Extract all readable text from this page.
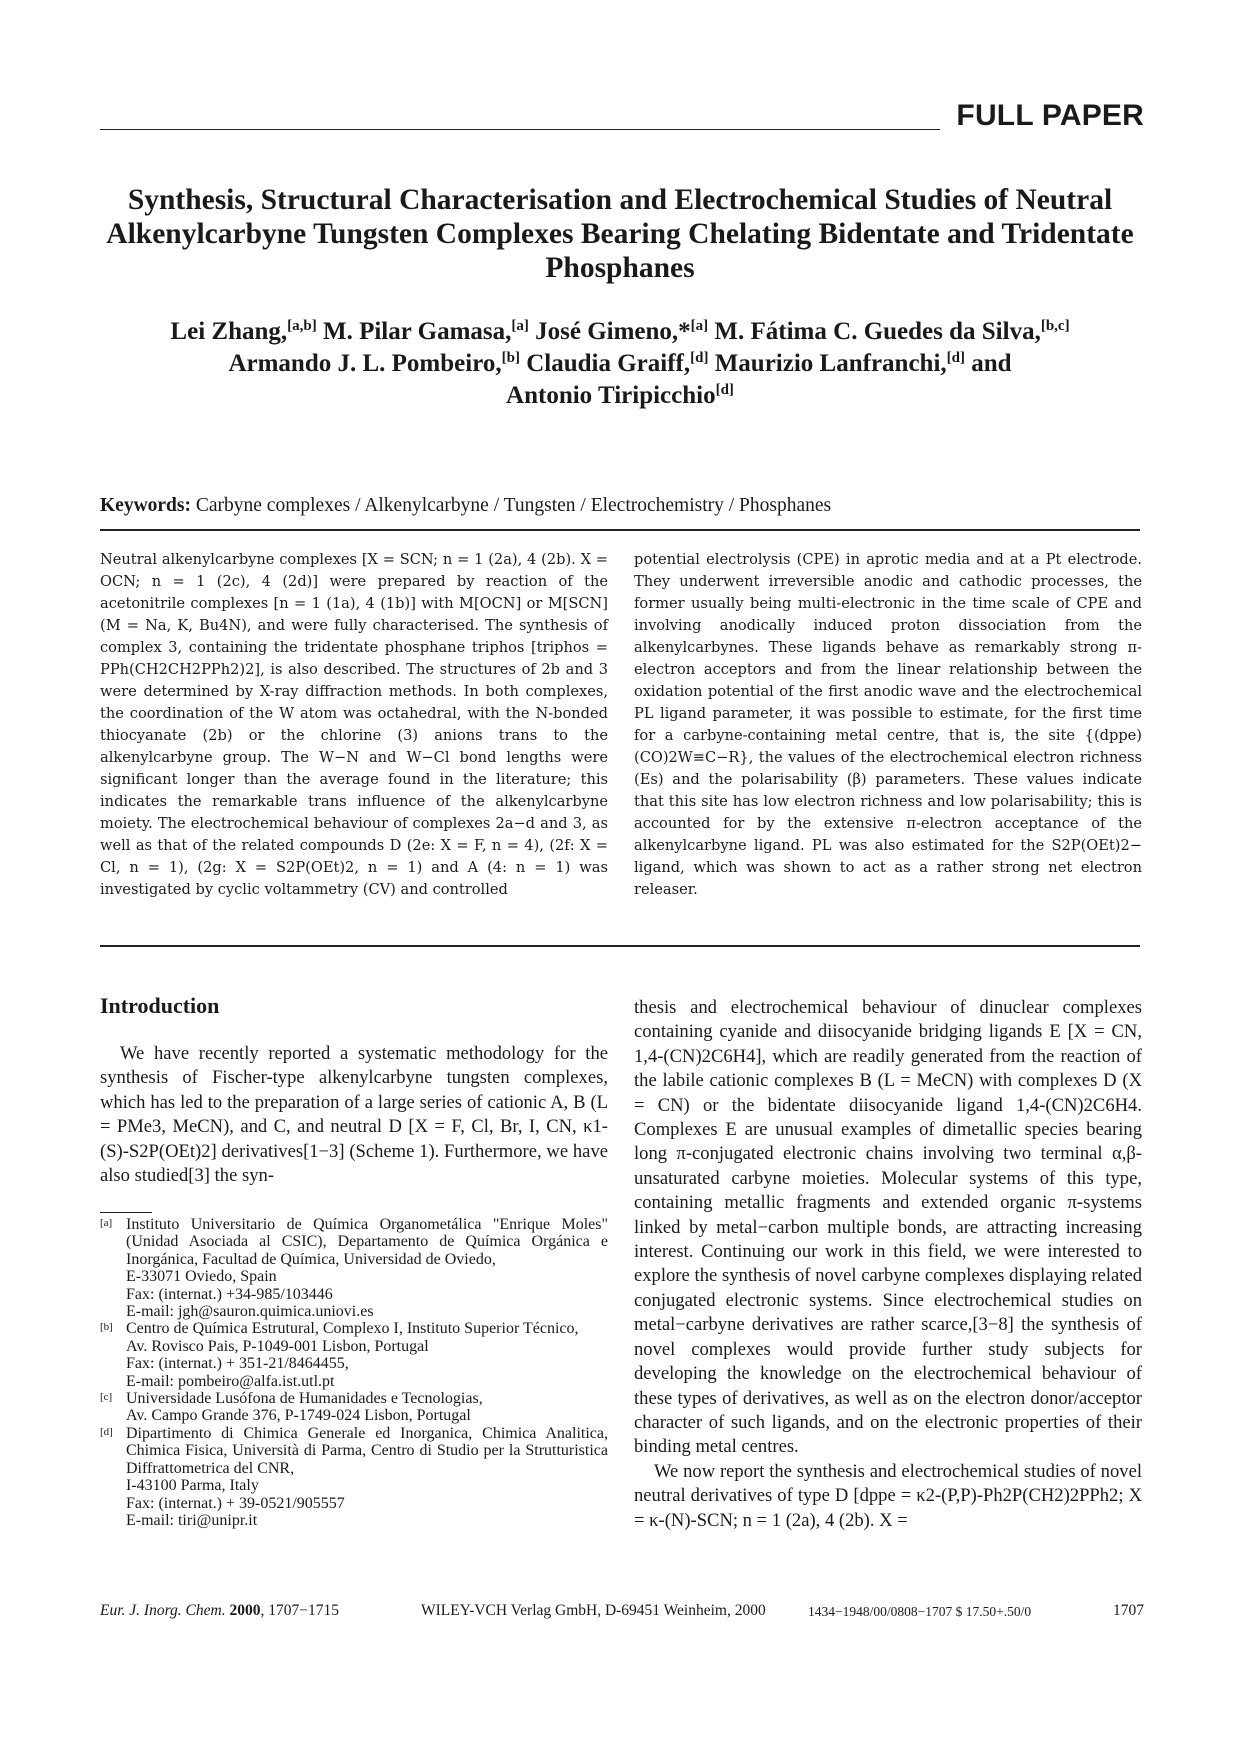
FULL PAPER
Synthesis, Structural Characterisation and Electrochemical Studies of Neutral Alkenylcarbyne Tungsten Complexes Bearing Chelating Bidentate and Tridentate Phosphanes
Lei Zhang,[a,b] M. Pilar Gamasa,[a] José Gimeno,*[a] M. Fátima C. Guedes da Silva,[b,c]
Armando J. L. Pombeiro,[b] Claudia Graiff,[d] Maurizio Lanfranchi,[d] and
Antonio Tiripicchio[d]
Keywords: Carbyne complexes / Alkenylcarbyne / Tungsten / Electrochemistry / Phosphanes

Neutral alkenylcarbyne complexes [X = SCN; n = 1 (2a), 4 (2b). X = OCN; n = 1 (2c), 4 (2d)] were prepared by reaction of the acetonitrile complexes [n = 1 (1a), 4 (1b)] with M[OCN] or M[SCN] (M = Na, K, Bu4N), and were fully characterised. The synthesis of complex 3, containing the tridentate phosphane triphos [triphos = PPh(CH2CH2PPh2)2], is also described. The structures of 2b and 3 were determined by X-ray diffraction methods. In both complexes, the coordination of the W atom was octahedral, with the N-bonded thiocyanate (2b) or the chlorine (3) anions trans to the alkenylcarbyne group. The W−N and W−Cl bond lengths were significant longer than the average found in the literature; this indicates the remarkable trans influence of the alkenylcarbyne moiety. The electrochemical behaviour of complexes 2a−d and 3, as well as that of the related compounds D (2e: X = F, n = 4), (2f: X = Cl, n = 1), (2g: X = S2P(OEt)2, n = 1) and A (4: n = 1) was investigated by cyclic voltammetry (CV) and controlled

potential electrolysis (CPE) in aprotic media and at a Pt electrode. They underwent irreversible anodic and cathodic processes, the former usually being multi-electronic in the time scale of CPE and involving anodically induced proton dissociation from the alkenylcarbynes. These ligands behave as remarkably strong π-electron acceptors and from the linear relationship between the oxidation potential of the first anodic wave and the electrochemical PL ligand parameter, it was possible to estimate, for the first time for a carbyne-containing metal centre, that is, the site {(dppe)(CO)2W≡C−R}, the values of the electrochemical electron richness (Es) and the polarisability (β) parameters. These values indicate that this site has low electron richness and low polarisability; this is accounted for by the extensive π-electron acceptance of the alkenylcarbyne ligand. PL was also estimated for the S2P(OEt)2− ligand, which was shown to act as a rather strong net electron releaser.

Introduction

We have recently reported a systematic methodology for the synthesis of Fischer-type alkenylcarbyne tungsten complexes, which has led to the preparation of a large series of cationic A, B (L = PMe3, MeCN), and C, and neutral D [X = F, Cl, Br, I, CN, κ1-(S)-S2P(OEt)2] derivatives[1−3] (Scheme 1). Furthermore, we have also studied[3] the syn-

[a] Instituto Universitario de Química Organometálica "Enrique Moles" (Unidad Asociada al CSIC), Departamento de Química Orgánica e Inorgánica, Facultad de Química, Universidad de Oviedo,
E-33071 Oviedo, Spain
Fax: (internat.) +34-985/103446
E-mail: jgh@sauron.quimica.uniovi.es
[b] Centro de Química Estrutural, Complexo I, Instituto Superior Técnico,
Av. Rovisco Pais, P-1049-001 Lisbon, Portugal
Fax: (internat.) + 351-21/8464455,
E-mail: pombeiro@alfa.ist.utl.pt
[c] Universidade Lusófona de Humanidades e Tecnologias,
Av. Campo Grande 376, P-1749-024 Lisbon, Portugal
[d] Dipartimento di Chimica Generale ed Inorganica, Chimica Analitica, Chimica Fisica, Università di Parma, Centro di Studio per la Strutturistica Diffrattometrica del CNR,
I-43100 Parma, Italy
Fax: (internat.) + 39-0521/905557
E-mail: tiri@unipr.it

thesis and electrochemical behaviour of dinuclear complexes containing cyanide and diisocyanide bridging ligands E [X = CN, 1,4-(CN)2C6H4], which are readily generated from the reaction of the labile cationic complexes B (L = MeCN) with complexes D (X = CN) or the bidentate diisocyanide ligand 1,4-(CN)2C6H4. Complexes E are unusual examples of dimetallic species bearing long π-conjugated electronic chains involving two terminal α,β-unsaturated carbyne moieties. Molecular systems of this type, containing metallic fragments and extended organic π-systems linked by metal−carbon multiple bonds, are attracting increasing interest. Continuing our work in this field, we were interested to explore the synthesis of novel carbyne complexes displaying related conjugated electronic systems. Since electrochemical studies on metal−carbyne derivatives are rather scarce,[3−8] the synthesis of novel complexes would provide further study subjects for developing the knowledge on the electrochemical behaviour of these types of derivatives, as well as on the electron donor/acceptor character of such ligands, and on the electronic properties of their binding metal centres.

We now report the synthesis and electrochemical studies of novel neutral derivatives of type D [dppe = κ2-(P,P)-Ph2P(CH2)2PPh2; X = κ-(N)-SCN; n = 1 (2a), 4 (2b). X =

Eur. J. Inorg. Chem. 2000, 1707−1715	WILEY-VCH Verlag GmbH, D-69451 Weinheim, 2000	1434−1948/00/0808−1707 $ 17.50+.50/0	1707
